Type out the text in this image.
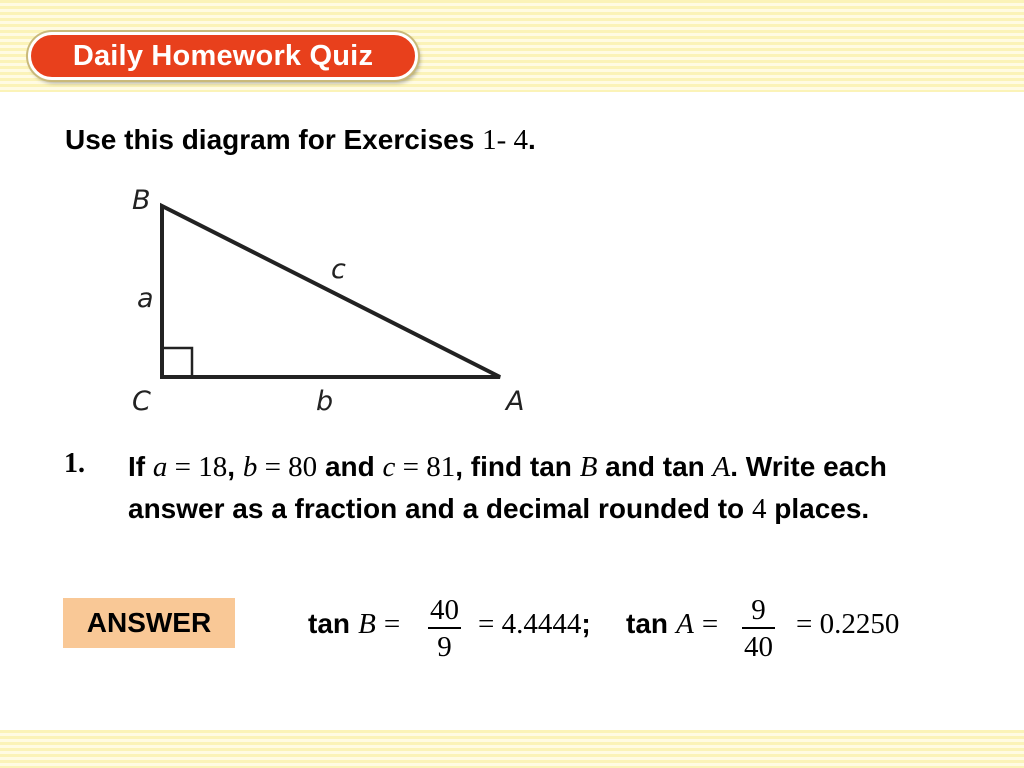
Daily Homework Quiz
Use this diagram for Exercises 1- 4.
B
C	A
a
b
c
1. If a = 18, b = 80 and c = 81, find tan B and tan A. Write each answer as a fraction and a decimal rounded to 4 places.
ANSWER	tan B = 40
9
= 4.4444; tan A = 9
40
= 0.2250
